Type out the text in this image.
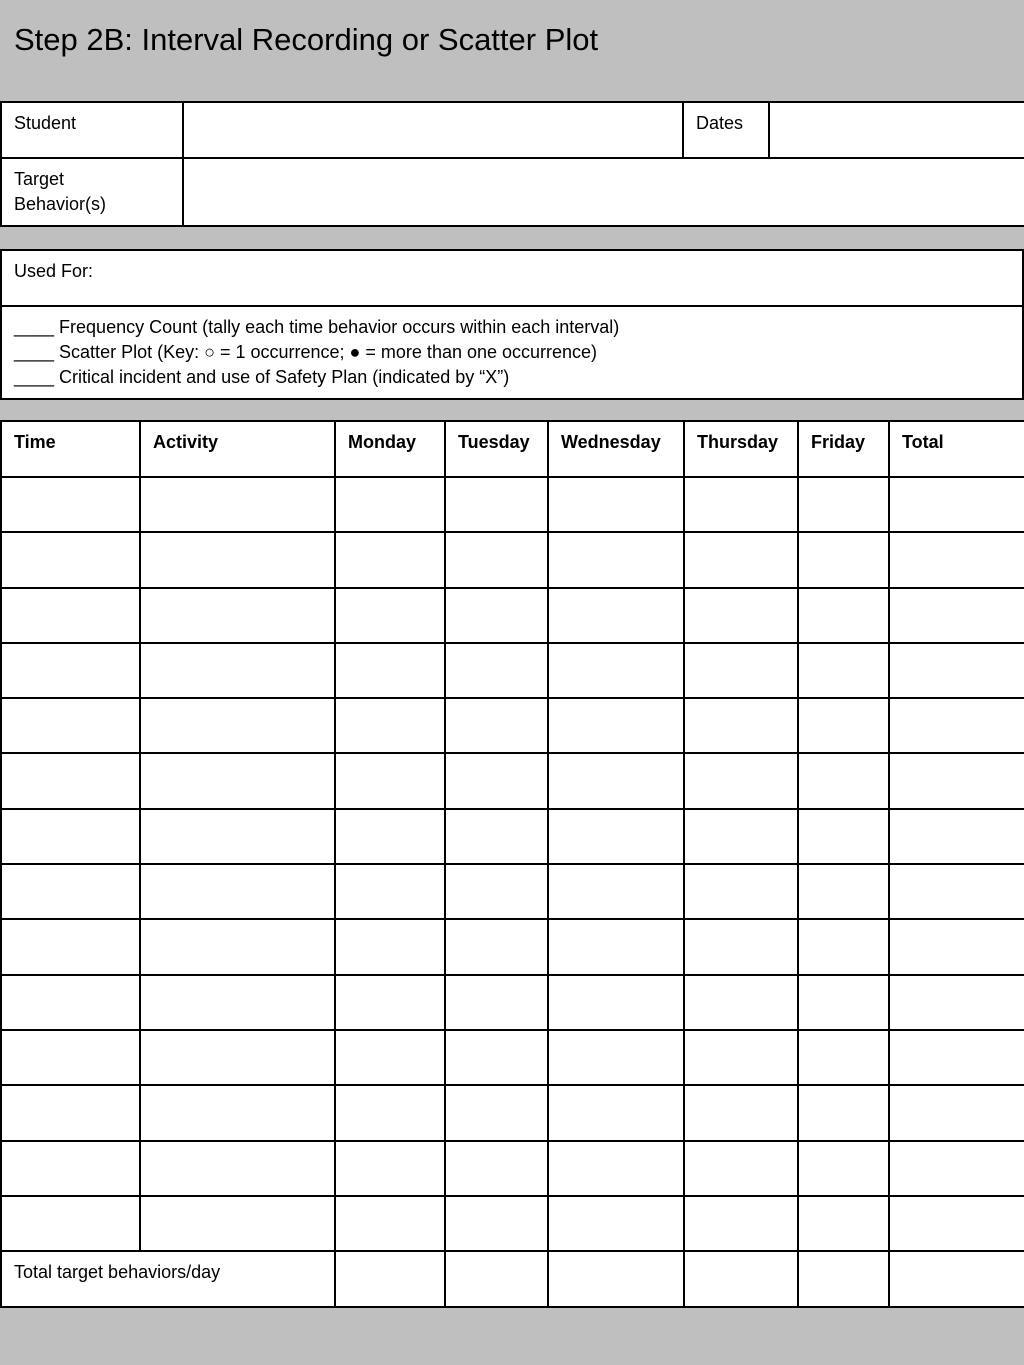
Step 2B: Interval Recording or Scatter Plot
Student		Dates	
Target
Behavior(s)			
Used For:

____ Frequency Count (tally each time behavior occurs within each interval)
____ Scatter Plot (Key: ○ = 1 occurrence; ● = more than one occurrence)
____ Critical incident and use of Safety Plan (indicated by “X”)
Time	Activity	Monday	Tuesday	Wednesday	Thursday	Friday	Total

Total target behaviors/day							
